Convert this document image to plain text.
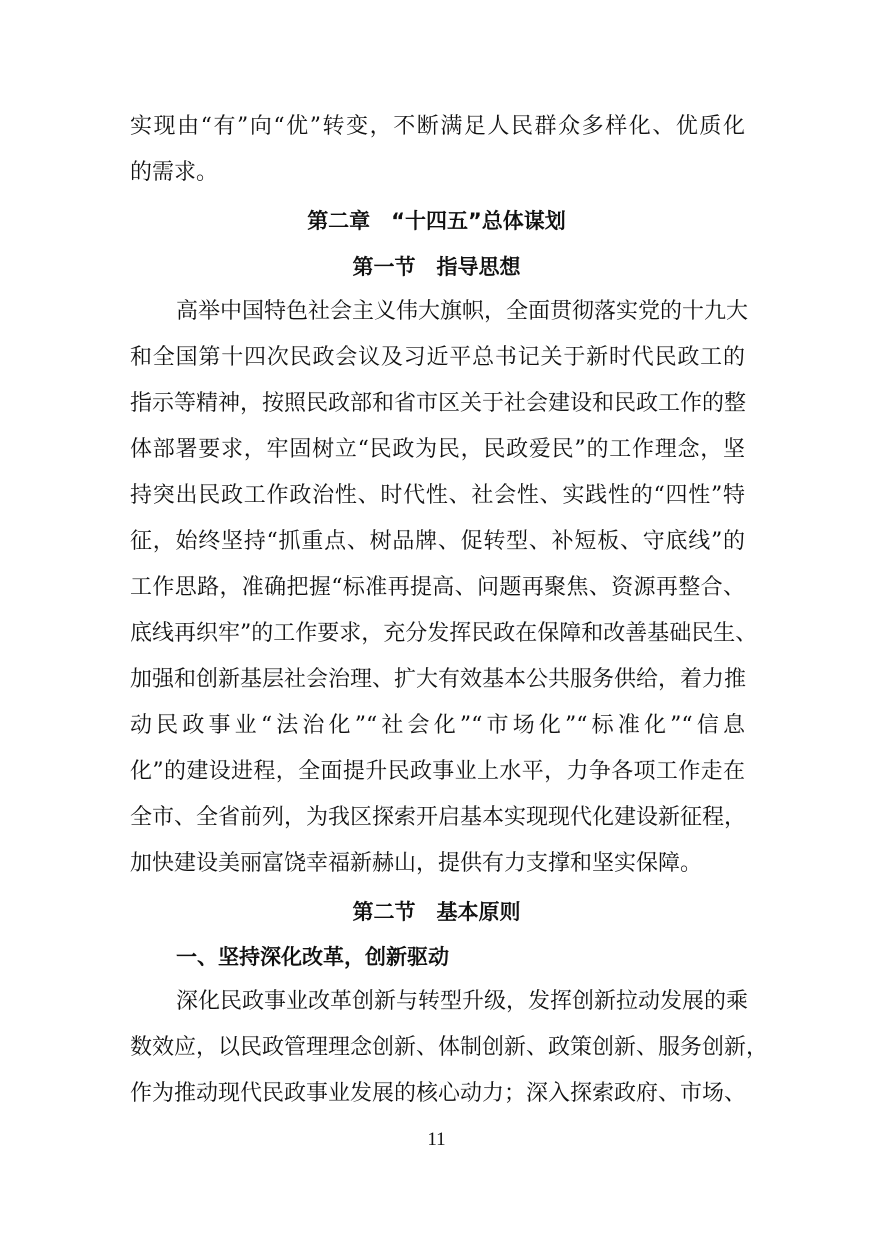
实现由“有”向“优”转变，不断满足人民群众多样化、优质化
的需求。
第二章　“十四五”总体谋划
第一节　指导思想
高举中国特色社会主义伟大旗帜，全面贯彻落实党的十九大
和全国第十四次民政会议及习近平总书记关于新时代民政工的
指示等精神，按照民政部和省市区关于社会建设和民政工作的整
体部署要求，牢固树立“民政为民，民政爱民”的工作理念，坚
持突出民政工作政治性、时代性、社会性、实践性的“四性”特
征，始终坚持“抓重点、树品牌、促转型、补短板、守底线”的
工作思路，准确把握“标准再提高、问题再聚焦、资源再整合、
底线再织牢”的工作要求，充分发挥民政在保障和改善基础民生、
加强和创新基层社会治理、扩大有效基本公共服务供给，着力推
动民政事业“法治化”“社会化”“市场化”“标准化”“信息
化”的建设进程，全面提升民政事业上水平，力争各项工作走在
全市、全省前列，为我区探索开启基本实现现代化建设新征程，
加快建设美丽富饶幸福新赫山，提供有力支撑和坚实保障。
第二节　基本原则
一、坚持深化改革，创新驱动
深化民政事业改革创新与转型升级，发挥创新拉动发展的乘
数效应，以民政管理理念创新、体制创新、政策创新、服务创新，
作为推动现代民政事业发展的核心动力；深入探索政府、市场、
11
